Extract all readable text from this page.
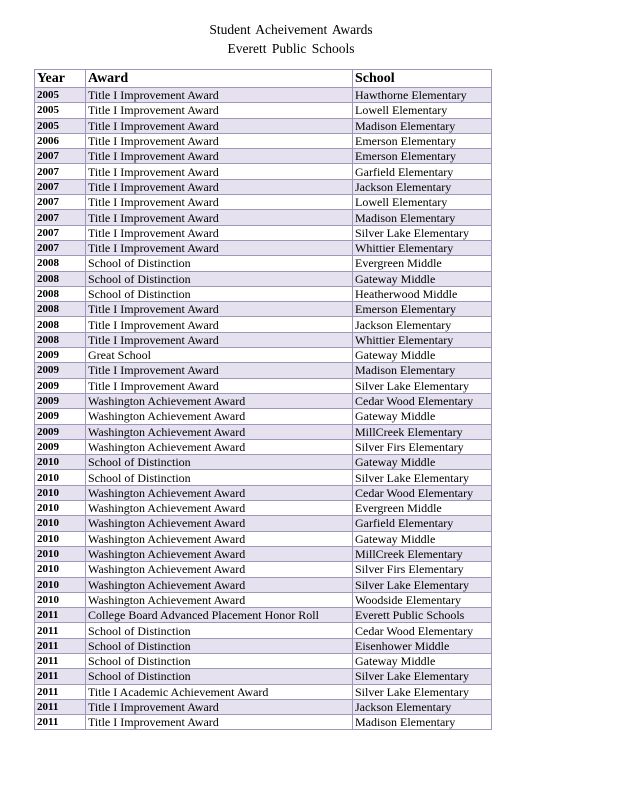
Student Acheivement Awards
Everett Public Schools
Year	Award	School
2005	Title I Improvement Award	Hawthorne Elementary
2005	Title I Improvement Award	Lowell Elementary
2005	Title I Improvement Award	Madison Elementary
2006	Title I Improvement Award	Emerson Elementary
2007	Title I Improvement Award	Emerson Elementary
2007	Title I Improvement Award	Garfield Elementary
2007	Title I Improvement Award	Jackson Elementary
2007	Title I Improvement Award	Lowell Elementary
2007	Title I Improvement Award	Madison Elementary
2007	Title I Improvement Award	Silver Lake Elementary
2007	Title I Improvement Award	Whittier Elementary
2008	School of Distinction	Evergreen Middle
2008	School of Distinction	Gateway Middle
2008	School of Distinction	Heatherwood Middle
2008	Title I Improvement Award	Emerson Elementary
2008	Title I Improvement Award	Jackson Elementary
2008	Title I Improvement Award	Whittier Elementary
2009	Great School	Gateway Middle
2009	Title I Improvement Award	Madison Elementary
2009	Title I Improvement Award	Silver Lake Elementary
2009	Washington Achievement Award	Cedar Wood Elementary
2009	Washington Achievement Award	Gateway Middle
2009	Washington Achievement Award	MillCreek Elementary
2009	Washington Achievement Award	Silver Firs Elementary
2010	School of Distinction	Gateway Middle
2010	School of Distinction	Silver Lake Elementary
2010	Washington Achievement Award	Cedar Wood Elementary
2010	Washington Achievement Award	Evergreen Middle
2010	Washington Achievement Award	Garfield Elementary
2010	Washington Achievement Award	Gateway Middle
2010	Washington Achievement Award	MillCreek Elementary
2010	Washington Achievement Award	Silver Firs Elementary
2010	Washington Achievement Award	Silver Lake Elementary
2010	Washington Achievement Award	Woodside Elementary
2011	College Board Advanced Placement Honor Roll	Everett Public Schools
2011	School of Distinction	Cedar Wood Elementary
2011	School of Distinction	Eisenhower Middle
2011	School of Distinction	Gateway Middle
2011	School of Distinction	Silver Lake Elementary
2011	Title I Academic Achievement Award	Silver Lake Elementary
2011	Title I Improvement Award	Jackson Elementary
2011	Title I Improvement Award	Madison Elementary
